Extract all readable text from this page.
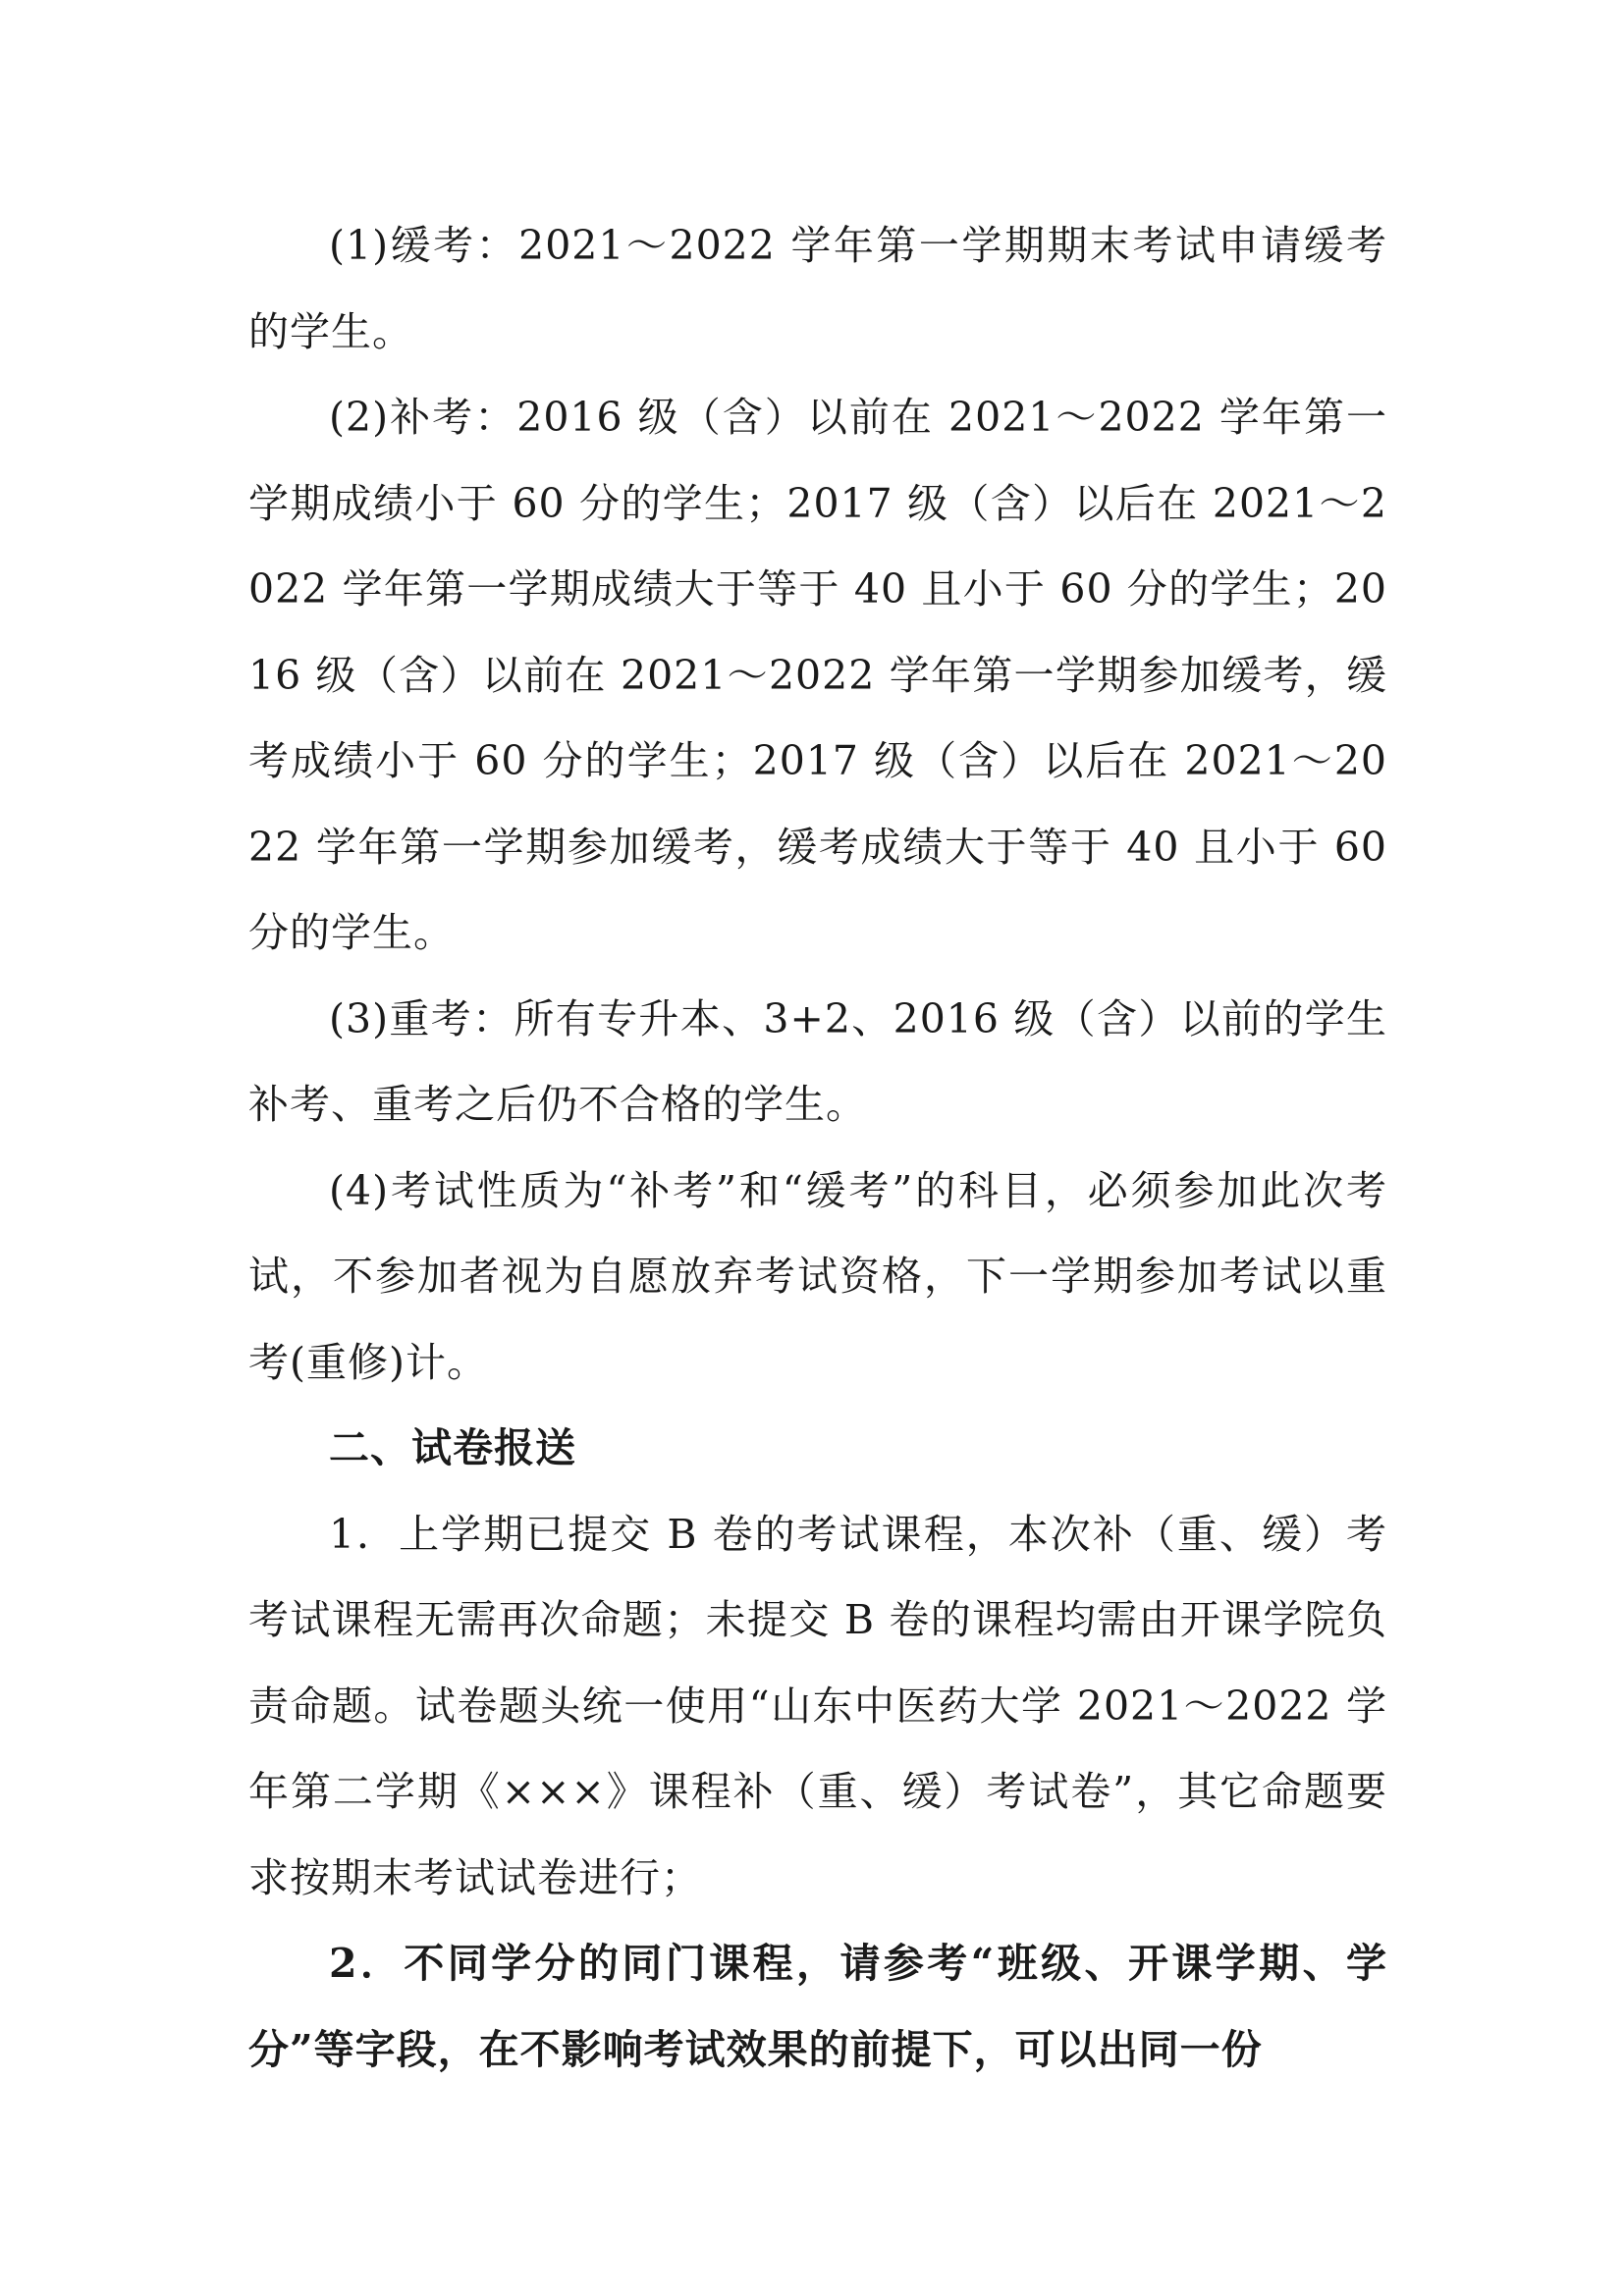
(1)缓考：2021～2022 学年第一学期期末考试申请缓考的学生。

(2)补考：2016 级（含）以前在 2021～2022 学年第一学期成绩小于 60 分的学生；2017 级（含）以后在 2021～2022 学年第一学期成绩大于等于 40 且小于 60 分的学生；2016 级（含）以前在 2021～2022 学年第一学期参加缓考，缓考成绩小于 60 分的学生；2017 级（含）以后在 2021～2022 学年第一学期参加缓考，缓考成绩大于等于 40 且小于 60 分的学生。

(3)重考：所有专升本、3+2、2016 级（含）以前的学生补考、重考之后仍不合格的学生。

(4)考试性质为“补考”和“缓考”的科目，必须参加此次考试，不参加者视为自愿放弃考试资格，下一学期参加考试以重考(重修)计。

二、试卷报送

1．上学期已提交 B 卷的考试课程，本次补（重、缓）考考试课程无需再次命题；未提交 B 卷的课程均需由开课学院负责命题。试卷题头统一使用“山东中医药大学 2021～2022 学年第二学期《×××》课程补（重、缓）考试卷”，其它命题要求按期末考试试卷进行；

2．不同学分的同门课程，请参考“班级、开课学期、学分”等字段，在不影响考试效果的前提下，可以出同一份
